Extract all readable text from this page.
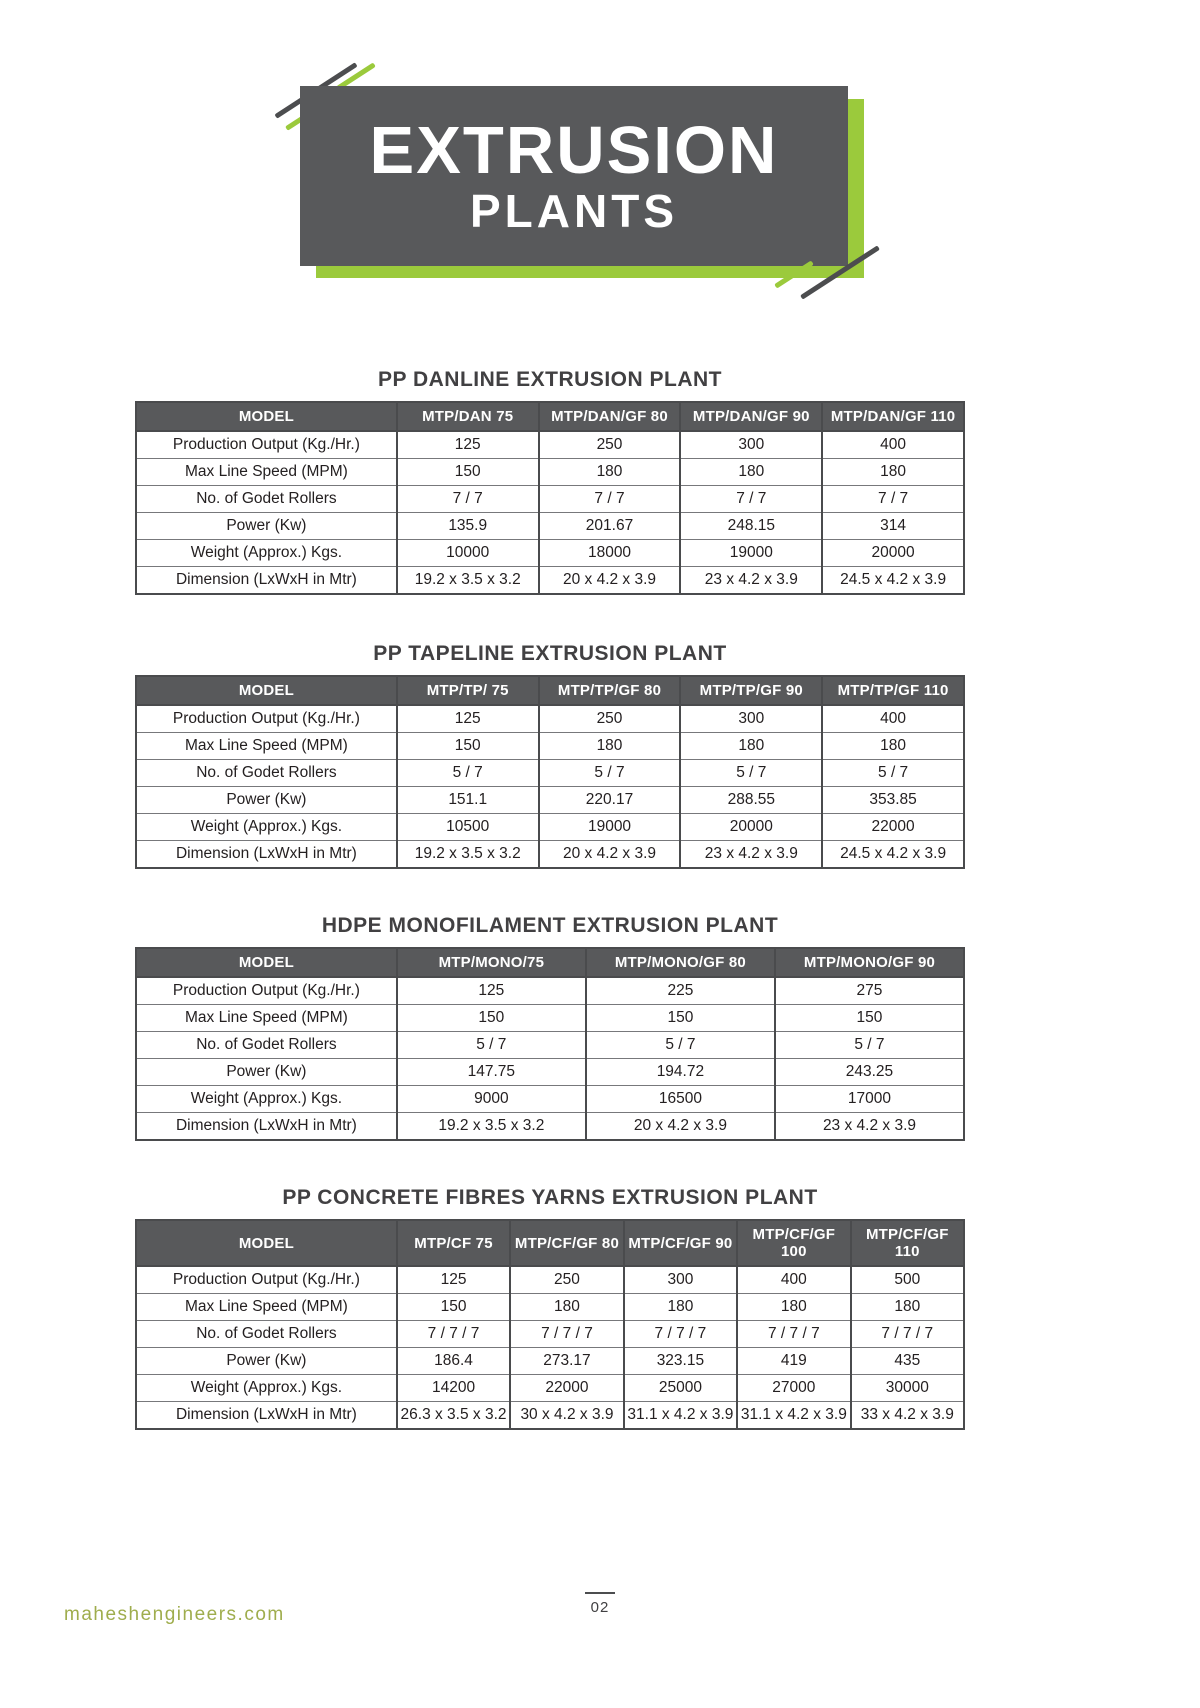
EXTRUSION
PLANTS
PP DANLINE EXTRUSION PLANT
MODEL	MTP/DAN 75	MTP/DAN/GF 80	MTP/DAN/GF 90	MTP/DAN/GF 110
Production Output (Kg./Hr.)	125	250	300	400
Max Line Speed (MPM)	150	180	180	180
No. of Godet Rollers	7 / 7	7 / 7	7 / 7	7 / 7
Power (Kw)	135.9	201.67	248.15	314
Weight (Approx.) Kgs.	10000	18000	19000	20000
Dimension (LxWxH in Mtr)	19.2 x 3.5 x 3.2	20 x 4.2 x 3.9	23 x 4.2 x 3.9	24.5 x 4.2 x 3.9
PP TAPELINE EXTRUSION PLANT
MODEL	MTP/TP/ 75	MTP/TP/GF 80	MTP/TP/GF 90	MTP/TP/GF 110
Production Output (Kg./Hr.)	125	250	300	400
Max Line Speed (MPM)	150	180	180	180
No. of Godet Rollers	5 / 7	5 / 7	5 / 7	5 / 7
Power (Kw)	151.1	220.17	288.55	353.85
Weight (Approx.) Kgs.	10500	19000	20000	22000
Dimension (LxWxH in Mtr)	19.2 x 3.5 x 3.2	20 x 4.2 x 3.9	23 x 4.2 x 3.9	24.5 x 4.2 x 3.9
HDPE MONOFILAMENT EXTRUSION PLANT
MODEL	MTP/MONO/75	MTP/MONO/GF 80	MTP/MONO/GF 90
Production Output (Kg./Hr.)	125	225	275
Max Line Speed (MPM)	150	150	150
No. of Godet Rollers	5 / 7	5 / 7	5 / 7
Power (Kw)	147.75	194.72	243.25
Weight (Approx.) Kgs.	9000	16500	17000
Dimension (LxWxH in Mtr)	19.2 x 3.5 x 3.2	20 x 4.2 x 3.9	23 x 4.2 x 3.9
PP CONCRETE FIBRES YARNS EXTRUSION PLANT
MODEL	MTP/CF 75	MTP/CF/GF 80	MTP/CF/GF 90	MTP/CF/GF 100	MTP/CF/GF 110
Production Output (Kg./Hr.)	125	250	300	400	500
Max Line Speed (MPM)	150	180	180	180	180
No. of Godet Rollers	7 / 7 / 7	7 / 7 / 7	7 / 7 / 7	7 / 7 / 7	7 / 7 / 7
Power (Kw)	186.4	273.17	323.15	419	435
Weight (Approx.) Kgs.	14200	22000	25000	27000	30000
Dimension (LxWxH in Mtr)	26.3 x 3.5 x 3.2	30 x 4.2 x 3.9	31.1 x 4.2 x 3.9	31.1 x 4.2 x 3.9	33 x 4.2 x 3.9
maheshengineers.com	02
